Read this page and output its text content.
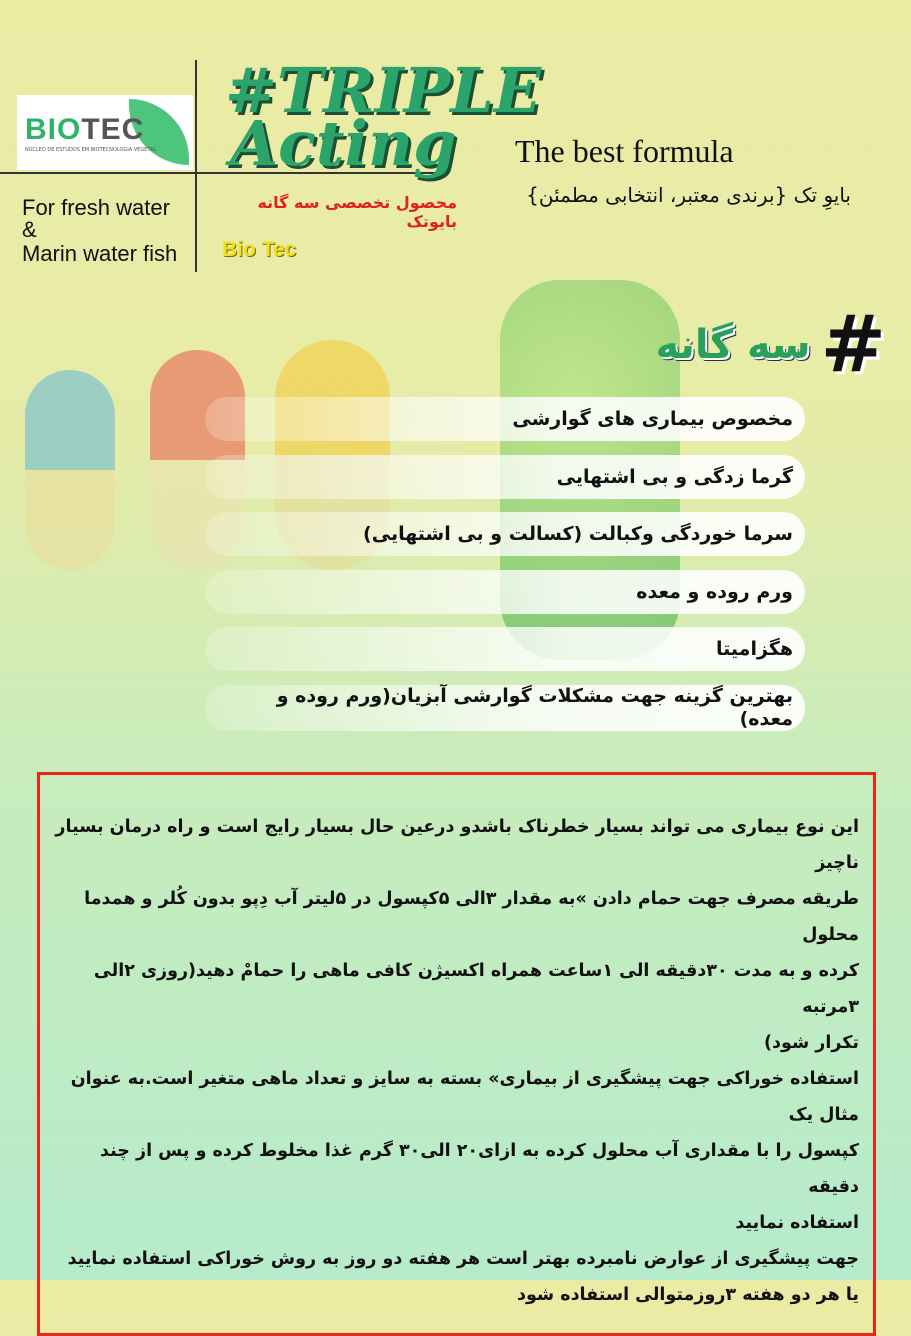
BIOTEC
NÚCLEO DE ESTUDOS EM BIOTECNOLOGIA VEGETAL
#TRIPLE
Acting The best formula
بایوِ تک {برندی معتبر، انتخابی مطمئن}
For fresh water
&
Marin water fish
محصول تخصصی سه گانه بایوتک
Bio Tec
سه گانه #
مخصوص بیماری های گوارشی
گرما زدگی و بی اشتهایی
سرما خوردگی وکبالت (کسالت و بی اشتهایی)
ورم روده و معده
هگزامیتا
بهترین گزینه جهت مشکلات گوارشی آبزیان(ورم روده و معده)

این نوع بیماری می تواند بسیار خطرناک باشدو درعین حال بسیار رایج است و راه درمان بسیار ناچیز

طریقه مصرف جهت حمام دادن »به مقدار ۳الی ۵کپسول در ۵لیتر آب دِپو بدون کُلر و همدما محلول

کرده و به مدت ۳۰دقیقه الی ۱ساعت همراه اکسیژن کافی ماهی را حمامْ دهید(روزی ۲الی ۳مرتبه

تکرار شود)

استفاده خوراکی جهت پیشگیری از بیماری» بسته به سایز و تعداد ماهی متغیر است.به عنوان مثال یک

کپسول را با مقداری آب محلول کرده به ازای۲۰ الی۳۰ گرم غذا مخلوط کرده و پس از چند دقیقه

استفاده نمایید

جهت پیشگیری از عوارض نامبرده بهتر است هر هفته دو روز به روش خوراکی استفاده نمایید

یا هر دو هفته ۳روزمتوالی استفاده شود
